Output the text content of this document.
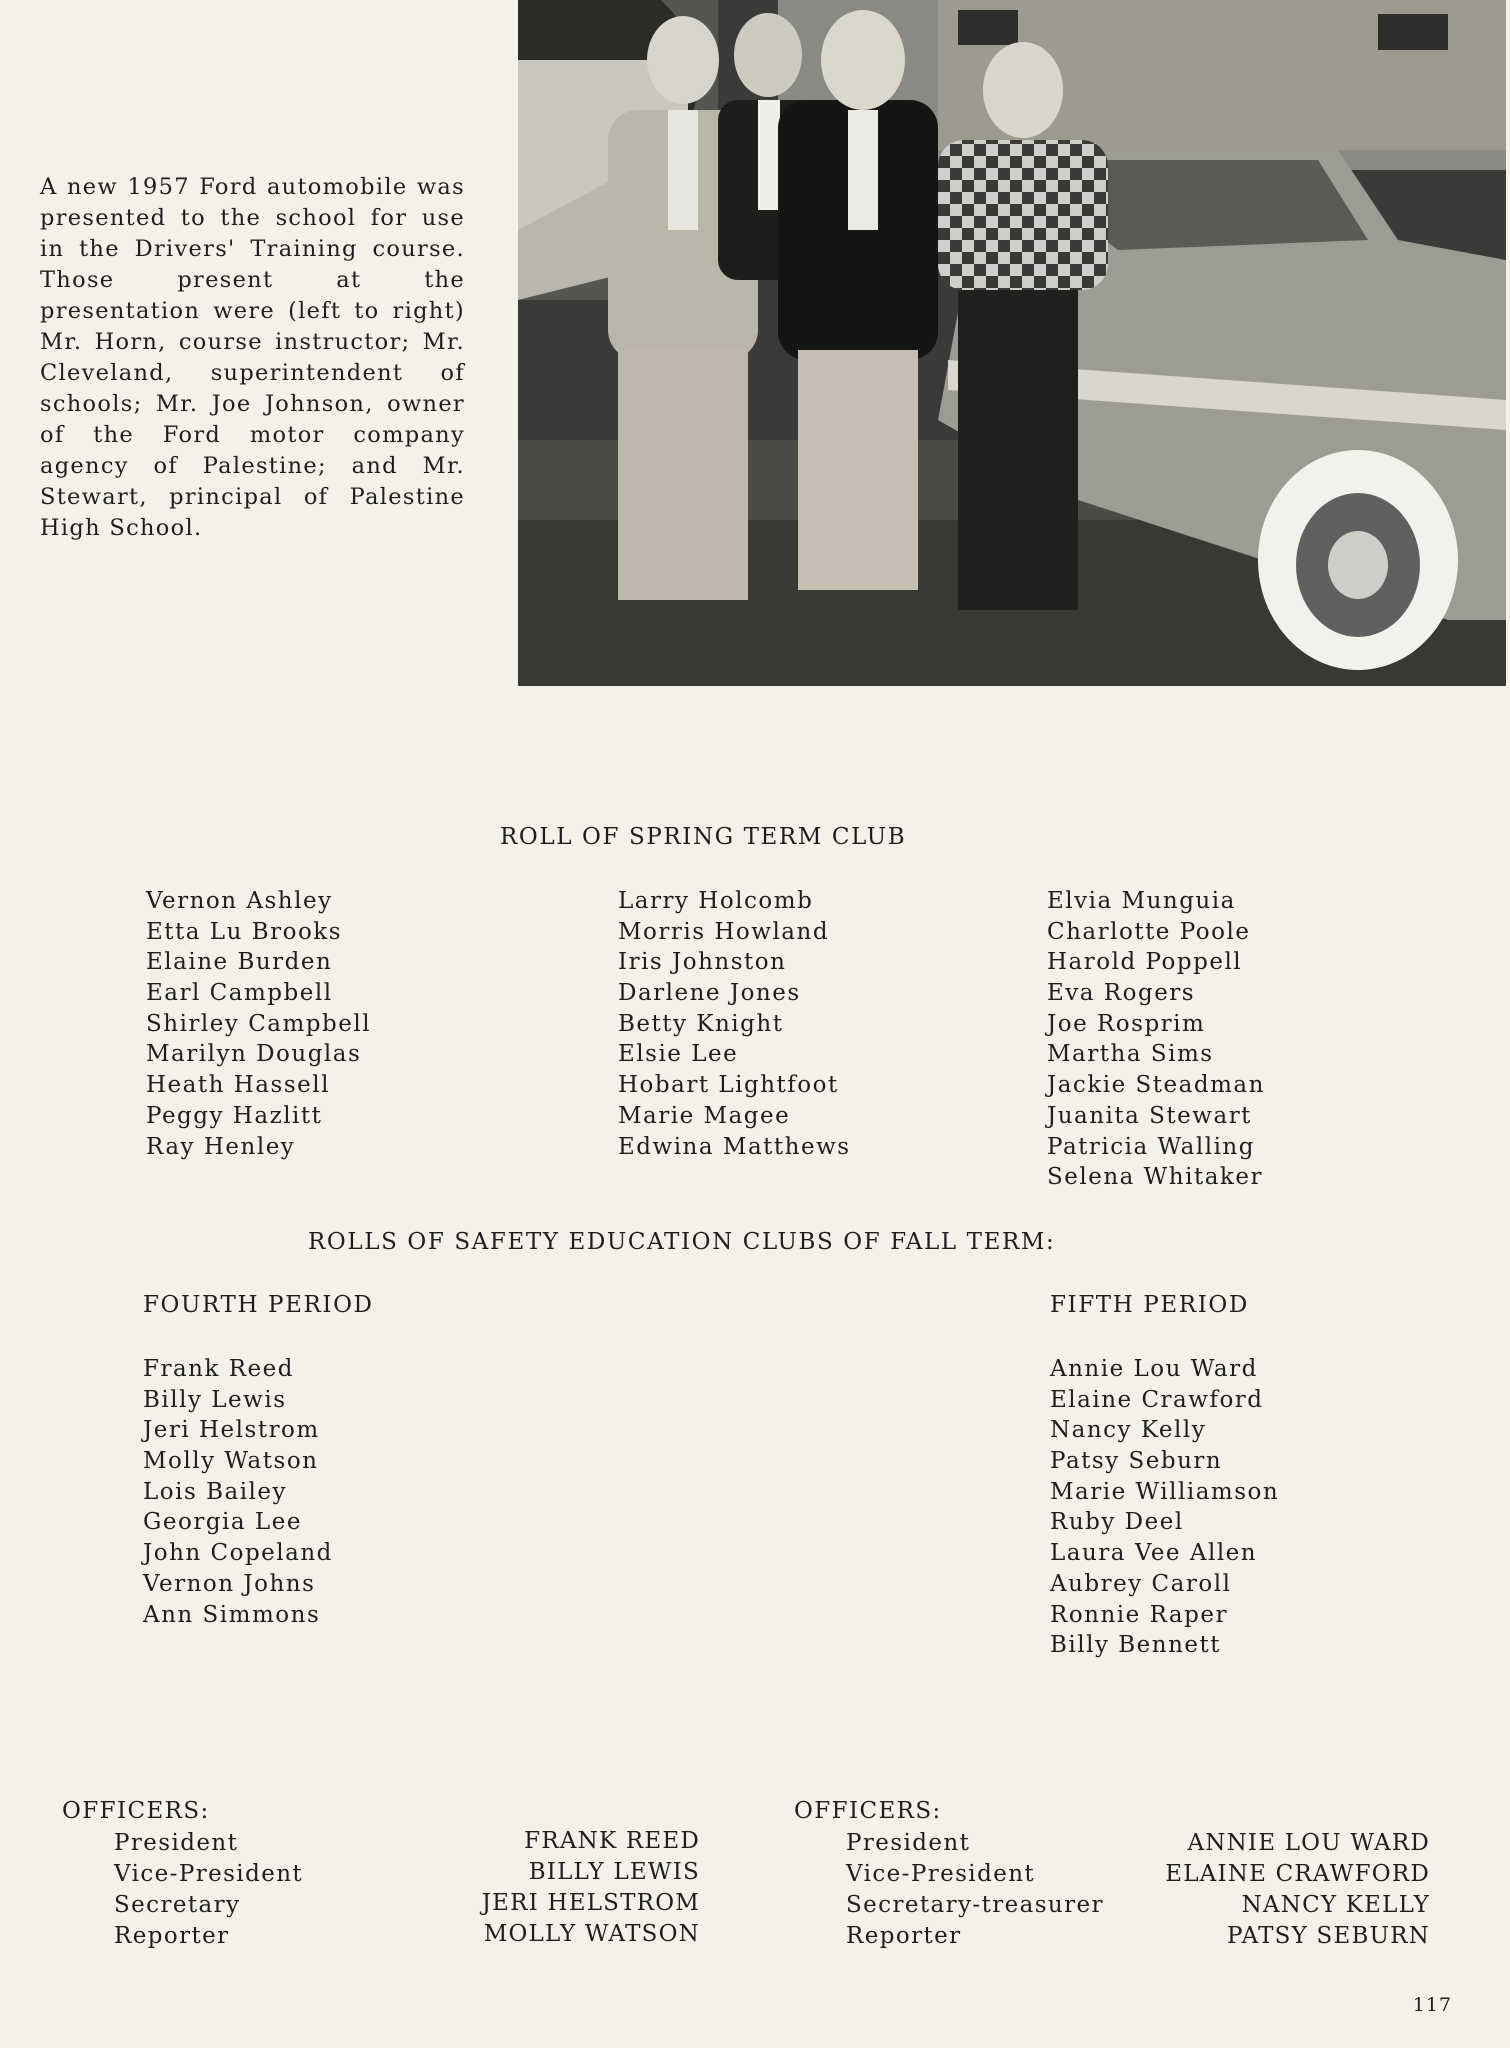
A new 1957 Ford automobile was presented to the school for use in the Drivers' Training course. Those present at the presentation were (left to right) Mr. Horn, course instructor; Mr. Cleveland, superintendent of schools; Mr. Joe Johnson, owner of the Ford motor company agency of Palestine; and Mr. Stewart, principal of Palestine High School.
ROLL OF SPRING TERM CLUB
Vernon Ashley
Etta Lu Brooks
Elaine Burden
Earl Campbell
Shirley Campbell
Marilyn Douglas
Heath Hassell
Peggy Hazlitt
Ray Henley
Larry Holcomb
Morris Howland
Iris Johnston
Darlene Jones
Betty Knight
Elsie Lee
Hobart Lightfoot
Marie Magee
Edwina Matthews
Elvia Munguia
Charlotte Poole
Harold Poppell
Eva Rogers
Joe Rosprim
Martha Sims
Jackie Steadman
Juanita Stewart
Patricia Walling
Selena Whitaker
ROLLS OF SAFETY EDUCATION CLUBS OF FALL TERM:
FOURTH PERIOD	FIFTH PERIOD
Frank Reed
Billy Lewis
Jeri Helstrom
Molly Watson
Lois Bailey
Georgia Lee
John Copeland
Vernon Johns
Ann Simmons
Annie Lou Ward
Elaine Crawford
Nancy Kelly
Patsy Seburn
Marie Williamson
Ruby Deel
Laura Vee Allen
Aubrey Caroll
Ronnie Raper
Billy Bennett
OFFICERS:
President
Vice-President
Secretary
Reporter
FRANK REED
BILLY LEWIS
JERI HELSTROM
MOLLY WATSON
OFFICERS:
President
Vice-President
Secretary-treasurer
Reporter
ANNIE LOU WARD
ELAINE CRAWFORD
NANCY KELLY
PATSY SEBURN
117
